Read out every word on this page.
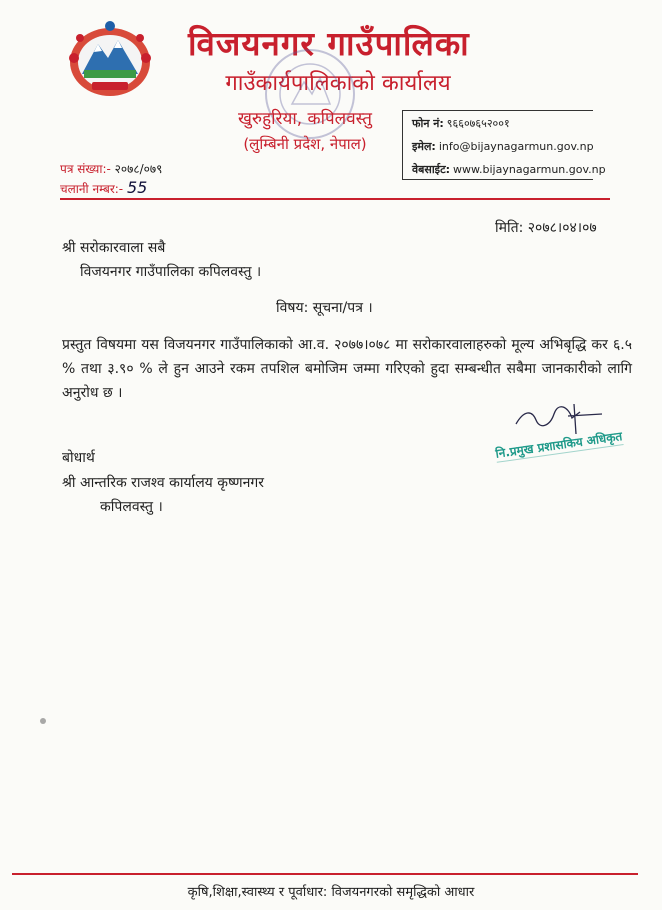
विजयनगर गाउँपालिका
गाउँकार्यपालिकाको कार्यालय
खुरुहुरिया, कपिलवस्तु
(लुम्बिनी प्रदेश, नेपाल)
फोन नं: ९६६०७६५२००१
इमेल: info@bijaynagarmun.gov.np
वेबसाईट: www.bijaynagarmun.gov.np
पत्र संख्या:- २०७८/०७९
चलानी नम्बर:- 55
मिति: २०७८।०४।०७
श्री सरोकारवाला सबै
विजयनगर गाउँपालिका कपिलवस्तु ।
विषय: सूचना/पत्र ।
प्रस्तुत विषयमा यस विजयनगर गाउँपालिकाको आ.व. २०७७।०७८ मा सरोकारवालाहरुको मूल्य अभिबृद्धि कर ६.५ % तथा ३.९० % ले हुन आउने रकम तपशिल बमोजिम जम्मा गरिएको हुदा सम्बन्धीत सबैमा जानकारीको लागि अनुरोध छ ।
नि.प्रमुख प्रशासकिय अधिकृत
बोधार्थ
श्री आन्तरिक राजश्व कार्यालय कृष्णनगर
कपिलवस्तु ।
कृषि,शिक्षा,स्वास्थ्य र पूर्वाधार: विजयनगरको समृद्धिको आधार
